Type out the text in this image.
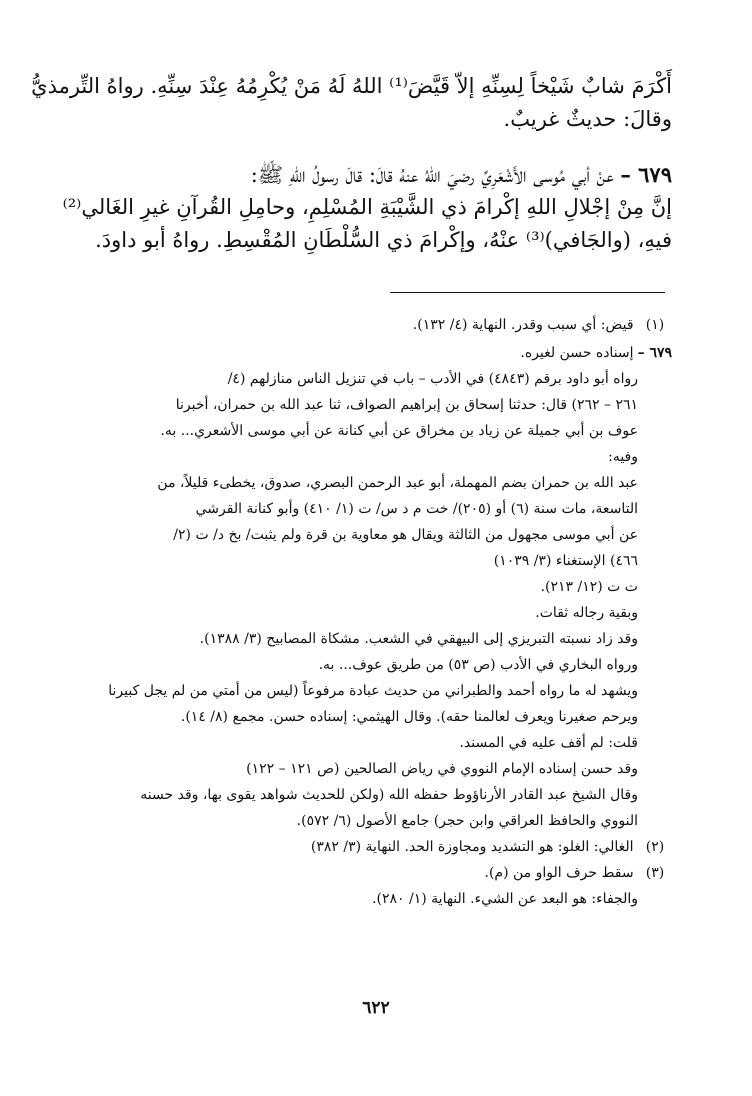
أَكْرَمَ شابٌ شَيْخاً لِسِنِّهِ إلاّ قَيَّضَ⁽¹⁾ اللهُ لَهُ مَنْ يُكْرِمُهُ عِنْدَ سِنِّهِ. رواهُ التِّرمذيُّ
وقالَ: حديثٌ غريبٌ.
٦٧٩ – عنْ أبي مُوسى الأَشْعَرِيِّ رضيَ اللهُ عنهُ قالَ: قالَ رسولُ اللهِ ﷺ:
إنَّ مِنْ إجْلالِ اللهِ إكْرامَ ذي الشَّيْبَةِ المُسْلِمِ، وحامِلِ القُرآنِ غيرِ الغَالي⁽²⁾
فيهِ، (والجَافي)⁽³⁾ عنْهُ، وإكْرامَ ذي السُّلْطَانِ المُقْسِطِ. رواهُ أبو داودَ.
(١) قيض: أي سبب وقدر. النهاية (٤/ ١٣٢).
٦٧٩ – إسناده حسن لغيره.
رواه أبو داود برقم (٤٨٤٣) في الأدب – باب في تنزيل الناس منازلهم (٤/
٢٦١ – ٢٦٢) قال: حدثنا إسحاق بن إبراهيم الصواف، ثنا عبد الله بن حمران، أخبرنا
عوف بن أبي جميلة عن زياد بن مخراق عن أبي كنانة عن أبي موسى الأشعري... به.
وفيه:
عبد الله بن حمران بضم المهملة، أبو عبد الرحمن البصري، صدوق، يخطىء قليلاً، من
التاسعة، مات سنة (٦) أو (٢٠٥)/ خت م د س/ ت (١/ ٤١٠) وأبو كنانة القرشي
عن أبي موسى مجهول من الثالثة ويقال هو معاوية بن قرة ولم يثبت/ بخ د/ ت (٢/
٤٦٦) الإستغناء (٣/ ١٠٣٩)
ت ت (١٢/ ٢١٣).
وبقية رجاله ثقات.
وقد زاد نسبته التبريزي إلى البيهقي في الشعب. مشكاة المصابيح (٣/ ١٣٨٨).
ورواه البخاري في الأدب (ص ٥٣) من طريق عوف... به.
ويشهد له ما رواه أحمد والطبراني من حديث عبادة مرفوعاً (ليس من أمتي من لم يجل كبيرنا
ويرحم صغيرنا ويعرف لعالمنا حقه). وقال الهيثمي: إسناده حسن. مجمع (٨/ ١٤).
قلت: لم أقف عليه في المسند.
وقد حسن إسناده الإمام النووي في رياض الصالحين (ص ١٢١ – ١٢٢)
وقال الشيخ عبد القادر الأرناؤوط حفظه الله (ولكن للحديث شواهد يقوى بها، وقد حسنه
النووي والحافظ العراقي وابن حجر) جامع الأصول (٦/ ٥٧٢).
(٢) الغالي: الغلو: هو التشديد ومجاوزة الحد. النهاية (٣/ ٣٨٢)
(٣) سقط حرف الواو من (م).
والجفاء: هو البعد عن الشيء. النهاية (١/ ٢٨٠).
٦٢٢
